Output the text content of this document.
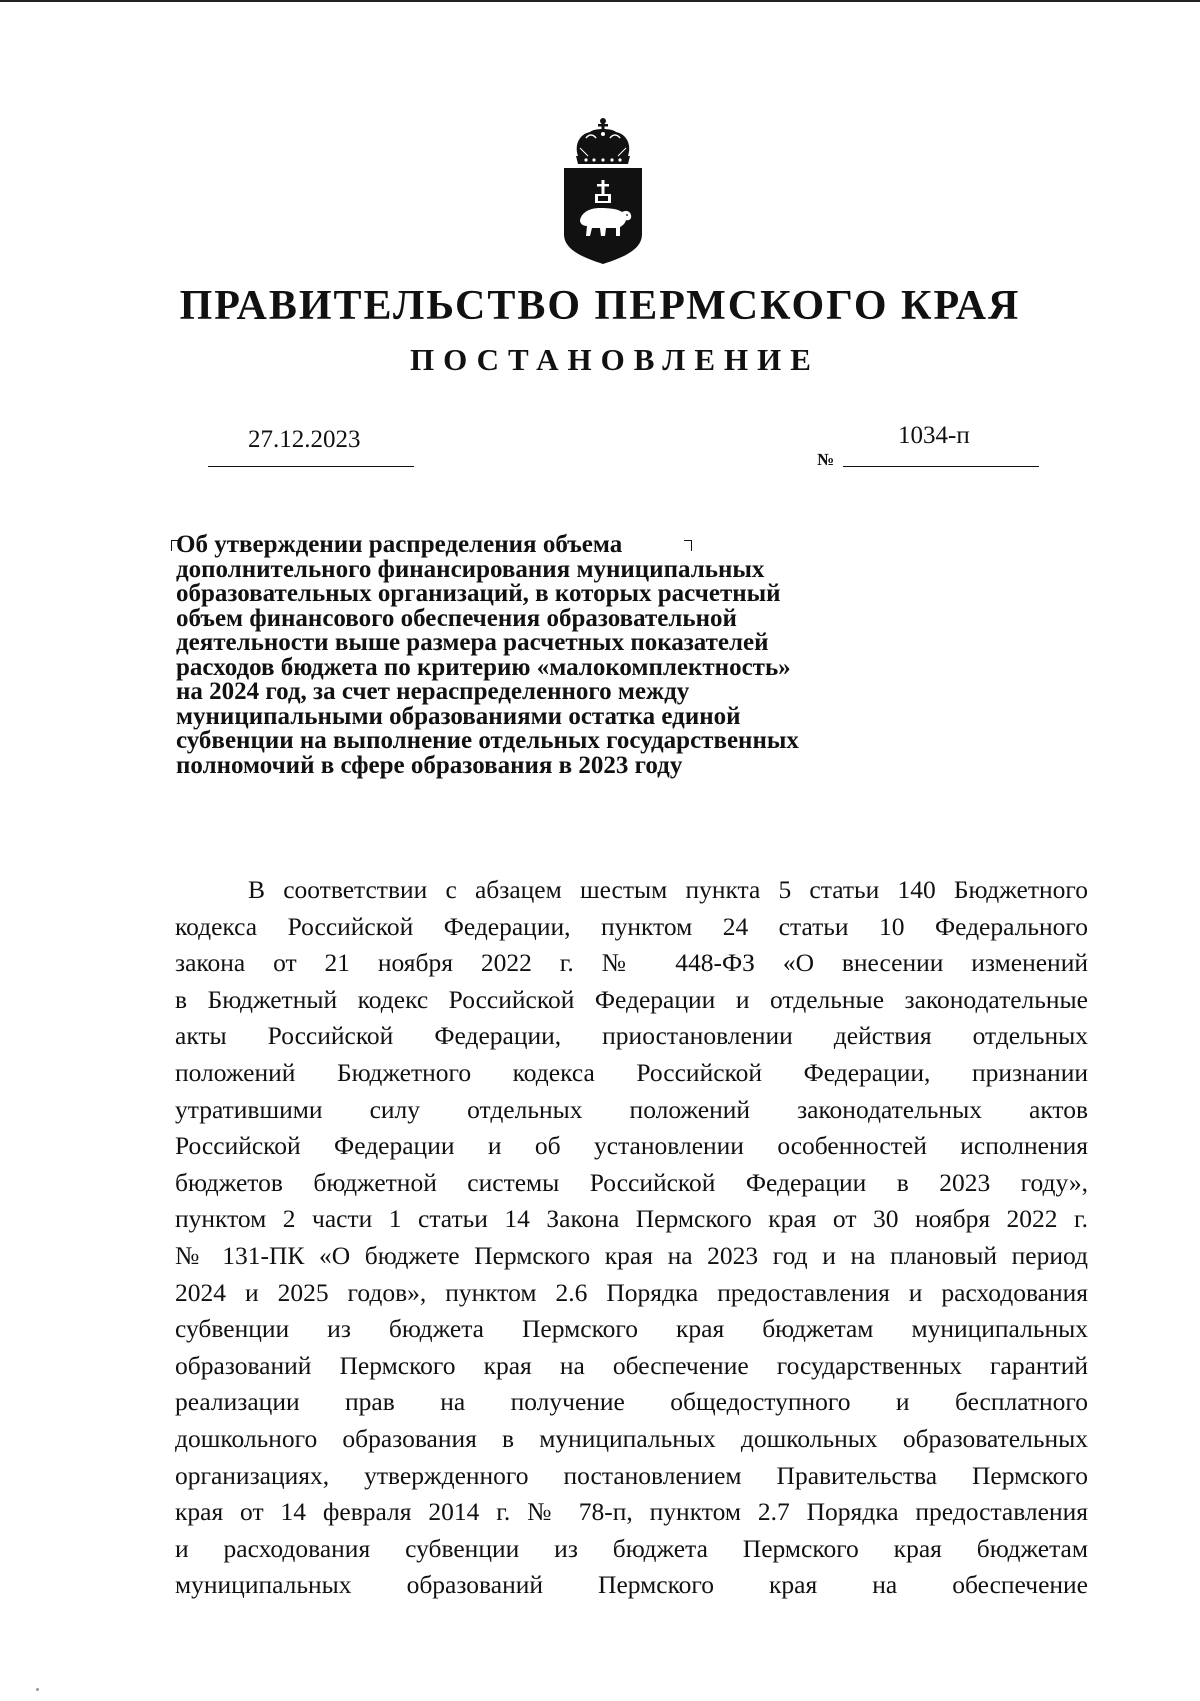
ПРАВИТЕЛЬСТВО ПЕРМСКОГО КРАЯ
ПОСТАНОВЛЕНИЕ
27.12.2023	1034-п
№
Об утверждении распределения объема
дополнительного финансирования муниципальных
образовательных организаций, в которых расчетный
объем финансового обеспечения образовательной
деятельности выше размера расчетных показателей
расходов бюджета по критерию «малокомплектность»
на 2024 год, за счет нераспределенного между
муниципальными образованиями остатка единой
субвенции на выполнение отдельных государственных
полномочий в сфере образования в 2023 году
В соответствии с абзацем шестым пункта 5 статьи 140 Бюджетного
кодекса Российской Федерации, пунктом 24 статьи 10 Федерального
закона от 21 ноября 2022 г. № 448-ФЗ «О внесении изменений
в Бюджетный кодекс Российской Федерации и отдельные законодательные
акты Российской Федерации, приостановлении действия отдельных
положений Бюджетного кодекса Российской Федерации, признании
утратившими силу отдельных положений законодательных актов
Российской Федерации и об установлении особенностей исполнения
бюджетов бюджетной системы Российской Федерации в 2023 году»,
пунктом 2 части 1 статьи 14 Закона Пермского края от 30 ноября 2022 г.
№ 131-ПК «О бюджете Пермского края на 2023 год и на плановый период
2024 и 2025 годов», пунктом 2.6 Порядка предоставления и расходования
субвенции из бюджета Пермского края бюджетам муниципальных
образований Пермского края на обеспечение государственных гарантий
реализации прав на получение общедоступного и бесплатного
дошкольного образования в муниципальных дошкольных образовательных
организациях, утвержденного постановлением Правительства Пермского
края от 14 февраля 2014 г. № 78-п, пунктом 2.7 Порядка предоставления
и расходования субвенции из бюджета Пермского края бюджетам
муниципальных образований Пермского края на обеспечение
